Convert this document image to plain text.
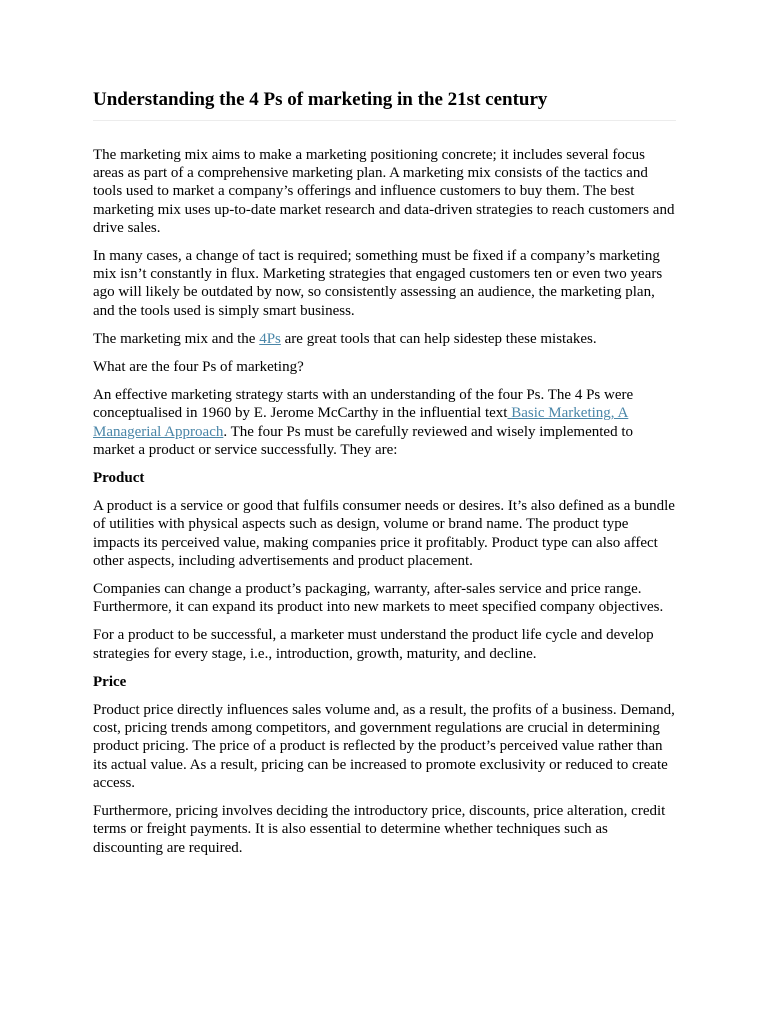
Understanding the 4 Ps of marketing in the 21st century

The marketing mix aims to make a marketing positioning concrete; it includes several focus areas as part of a comprehensive marketing plan. A marketing mix consists of the tactics and tools used to market a company’s offerings and influence customers to buy them. The best marketing mix uses up-to-date market research and data-driven strategies to reach customers and drive sales.

In many cases, a change of tact is required; something must be fixed if a company’s marketing mix isn’t constantly in flux. Marketing strategies that engaged customers ten or even two years ago will likely be outdated by now, so consistently assessing an audience, the marketing plan, and the tools used is simply smart business.

The marketing mix and the 4Ps are great tools that can help sidestep these mistakes.

What are the four Ps of marketing?

An effective marketing strategy starts with an understanding of the four Ps. The 4 Ps were conceptualised in 1960 by E. Jerome McCarthy in the influential text Basic Marketing, A Managerial Approach. The four Ps must be carefully reviewed and wisely implemented to market a product or service successfully. They are:

Product

A product is a service or good that fulfils consumer needs or desires. It’s also defined as a bundle of utilities with physical aspects such as design, volume or brand name. The product type impacts its perceived value, making companies price it profitably. Product type can also affect other aspects, including advertisements and product placement.

Companies can change a product’s packaging, warranty, after-sales service and price range. Furthermore, it can expand its product into new markets to meet specified company objectives.

For a product to be successful, a marketer must understand the product life cycle and develop strategies for every stage, i.e., introduction, growth, maturity, and decline.

Price

Product price directly influences sales volume and, as a result, the profits of a business. Demand, cost, pricing trends among competitors, and government regulations are crucial in determining product pricing. The price of a product is reflected by the product’s perceived value rather than its actual value. As a result, pricing can be increased to promote exclusivity or reduced to create access.

Furthermore, pricing involves deciding the introductory price, discounts, price alteration, credit terms or freight payments. It is also essential to determine whether techniques such as discounting are required.
